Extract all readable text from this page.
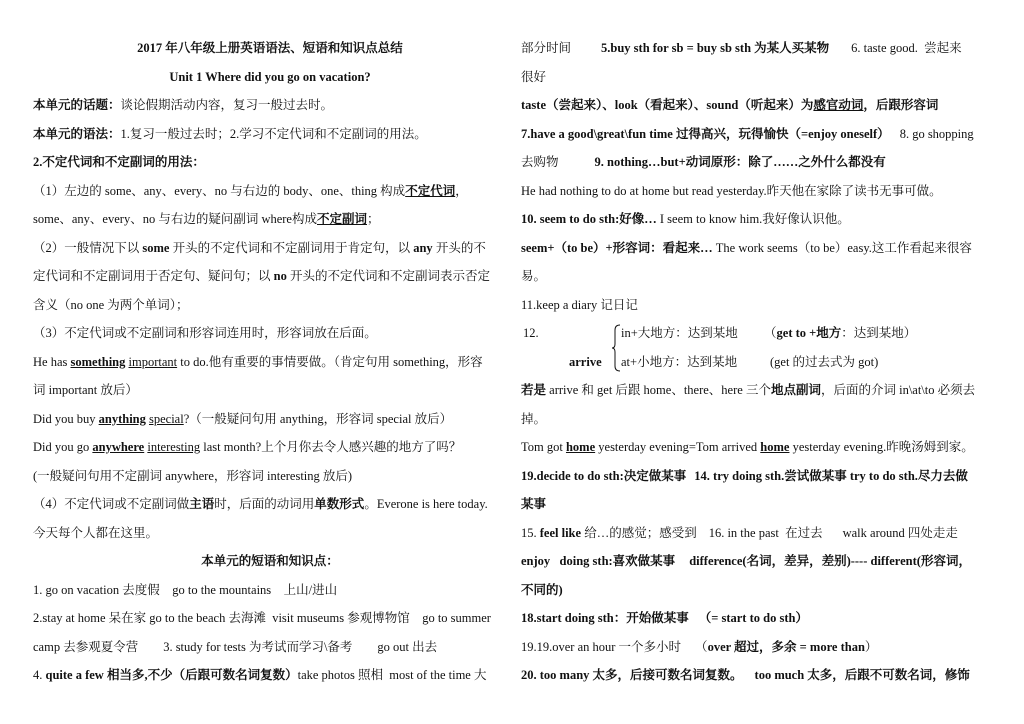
2017 年八年级上册英语语法、短语和知识点总结
Unit 1 Where did you go on vacation?
本单元的话题：谈论假期活动内容，复习一般过去时。
本单元的语法：1.复习一般过去时；2.学习不定代词和不定副词的用法。
2.不定代词和不定副词的用法：
（1）左边的 some、any、every、no 与右边的 body、one、thing 构成不定代词，
some、any、every、no 与右边的疑问副词 where构成不定副词；
（2）一般情况下以 some 开头的不定代词和不定副词用于肯定句，以 any 开头的不
定代词和不定副词用于否定句、疑问句；以 no 开头的不定代词和不定副词表示否定
含义（no one 为两个单词）；
（3）不定代词或不定副词和形容词连用时，形容词放在后面。
He has something important to do.他有重要的事情要做。（肯定句用 something，形容
词 important 放后）
Did you buy anything special?（一般疑问句用 anything，形容词 special 放后）
Did you go anywhere interesting last month?上个月你去令人感兴趣的地方了吗？
(一般疑问句用不定副词 anywhere，形容词 interesting 放后)
（4）不定代词或不定副词做主语时，后面的动词用单数形式。Everone is here today.
今天每个人都在这里。
本单元的短语和知识点：
1. go on vacation 去度假    go to the mountains    上山/进山
2.stay at home 呆在家 go to the beach 去海滩  visit museums 参观博物馆    go to summer
camp 去参观夏令营        3. study for tests 为考试而学习\备考        go out 出去
4. quite a few 相当多,不少（后跟可数名词复数）take photos 照相  most of the time 大
部分时间 5.buy sth for sb = buy sb sth 为某人买某物 6. taste good.  尝起来
很好
taste（尝起来）、look（看起来）、sound（听起来）为感官动词，后跟形容词
7.have a good\great\fun time 过得高兴，玩得愉快（=enjoy oneself） 8. go shopping
去购物	9. nothing…but+动词原形：除了……之外什么都没有
He had nothing to do at home but read yesterday.昨天他在家除了读书无事可做。
10. seem to do sth:好像… I seem to know him.我好像认识他。
seem+（to be）+形容词：看起来… The work seems（to be）easy.这工作看起来很容
易。
11.keep a diary 记日记
12.
arrive
in+大地方：达到某地 （get to +地方：达到某地）
at+小地方：达到某地	(get 的过去式为 got)
若是 arrive 和 get 后跟 home、there、here 三个地点副词，后面的介词 in\at\to 必须去
掉。
Tom got home yesterday evening=Tom arrived home yesterday evening.昨晚汤姆到家。
19.decide to do sth:决定做某事 14. try doing sth.尝试做某事 try to do sth.尽力去做
某事
15. feel like 给…的感觉；感受到 16. in the past  在过去 walk around 四处走走
enjoy   doing sth:喜欢做某事 difference(名词，差异，差别)---- different(形容词，
不同的)
18.start doing sth：开始做某事 （= start to do sth）
19.19.over an hour 一个多小时 （over 超过，多余 = more than）
20. too many 太多，后接可数名词复数。 too much 太多，后跟不可数名词，修饰
